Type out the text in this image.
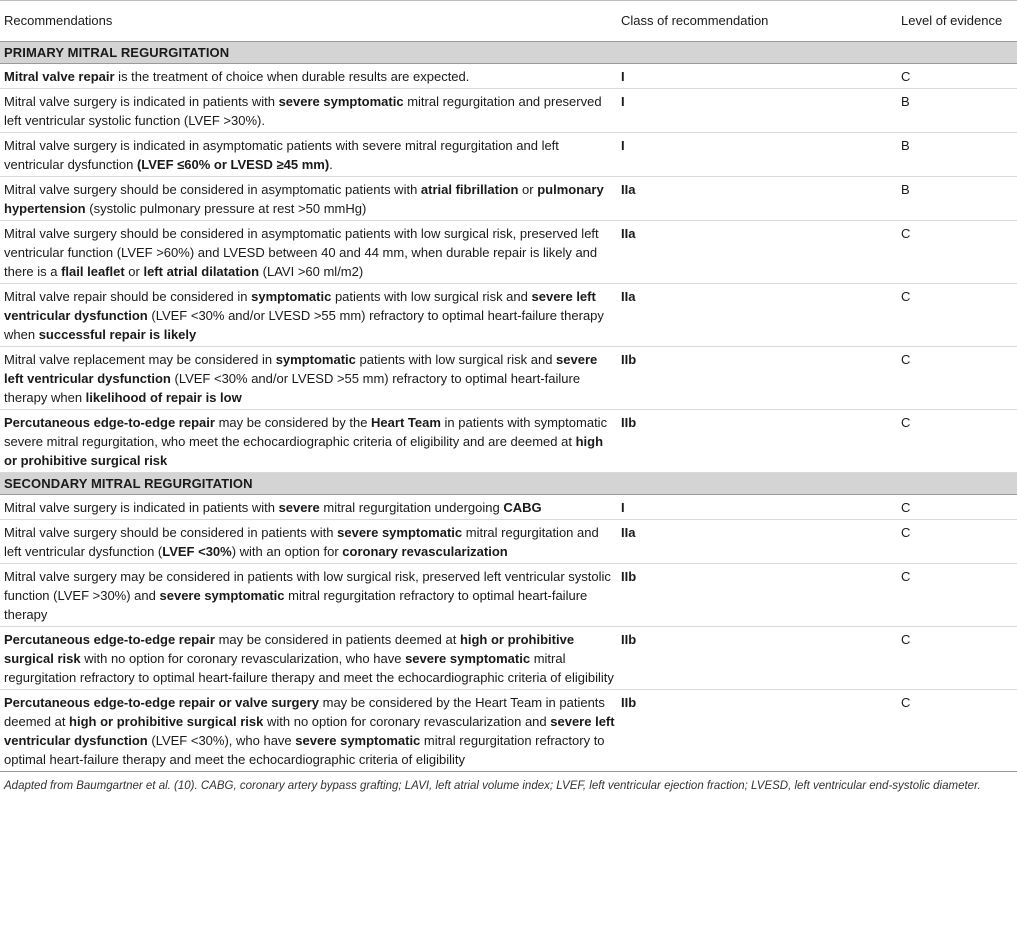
Recommendations	Class of recommendation	Level of evidence
PRIMARY MITRAL REGURGITATION		
Mitral valve repair is the treatment of choice when durable results are expected.	I	C
Mitral valve surgery is indicated in patients with severe symptomatic mitral regurgitation and preserved left ventricular systolic function (LVEF >30%).	I	B
Mitral valve surgery is indicated in asymptomatic patients with severe mitral regurgitation and left ventricular dysfunction (LVEF ≤60% or LVESD ≥45 mm).	I	B
Mitral valve surgery should be considered in asymptomatic patients with atrial fibrillation or pulmonary hypertension (systolic pulmonary pressure at rest >50 mmHg)	IIa	B
Mitral valve surgery should be considered in asymptomatic patients with low surgical risk, preserved left ventricular function (LVEF >60%) and LVESD between 40 and 44 mm, when durable repair is likely and there is a flail leaflet or left atrial dilatation (LAVI >60 ml/m2)	IIa	C
Mitral valve repair should be considered in symptomatic patients with low surgical risk and severe left ventricular dysfunction (LVEF <30% and/or LVESD >55 mm) refractory to optimal heart-failure therapy when successful repair is likely	IIa	C
Mitral valve replacement may be considered in symptomatic patients with low surgical risk and severe left ventricular dysfunction (LVEF <30% and/or LVESD >55 mm) refractory to optimal heart-failure therapy when likelihood of repair is low	IIb	C
Percutaneous edge-to-edge repair may be considered by the Heart Team in patients with symptomatic severe mitral regurgitation, who meet the echocardiographic criteria of eligibility and are deemed at high or prohibitive surgical risk	IIb	C
SECONDARY MITRAL REGURGITATION		
Mitral valve surgery is indicated in patients with severe mitral regurgitation undergoing CABG	I	C
Mitral valve surgery should be considered in patients with severe symptomatic mitral regurgitation and left ventricular dysfunction (LVEF <30%) with an option for coronary revascularization	IIa	C
Mitral valve surgery may be considered in patients with low surgical risk, preserved left ventricular systolic function (LVEF >30%) and severe symptomatic mitral regurgitation refractory to optimal heart-failure therapy	IIb	C
Percutaneous edge-to-edge repair may be considered in patients deemed at high or prohibitive surgical risk with no option for coronary revascularization, who have severe symptomatic mitral regurgitation refractory to optimal heart-failure therapy and meet the echocardiographic criteria of eligibility	IIb	C
Percutaneous edge-to-edge repair or valve surgery may be considered by the Heart Team in patients deemed at high or prohibitive surgical risk with no option for coronary revascularization and severe left ventricular dysfunction (LVEF <30%), who have severe symptomatic mitral regurgitation refractory to optimal heart-failure therapy and meet the echocardiographic criteria of eligibility	IIb	C
Adapted from Baumgartner et al. (10). CABG, coronary artery bypass grafting; LAVI, left atrial volume index; LVEF, left ventricular ejection fraction; LVESD, left ventricular end-systolic diameter.
